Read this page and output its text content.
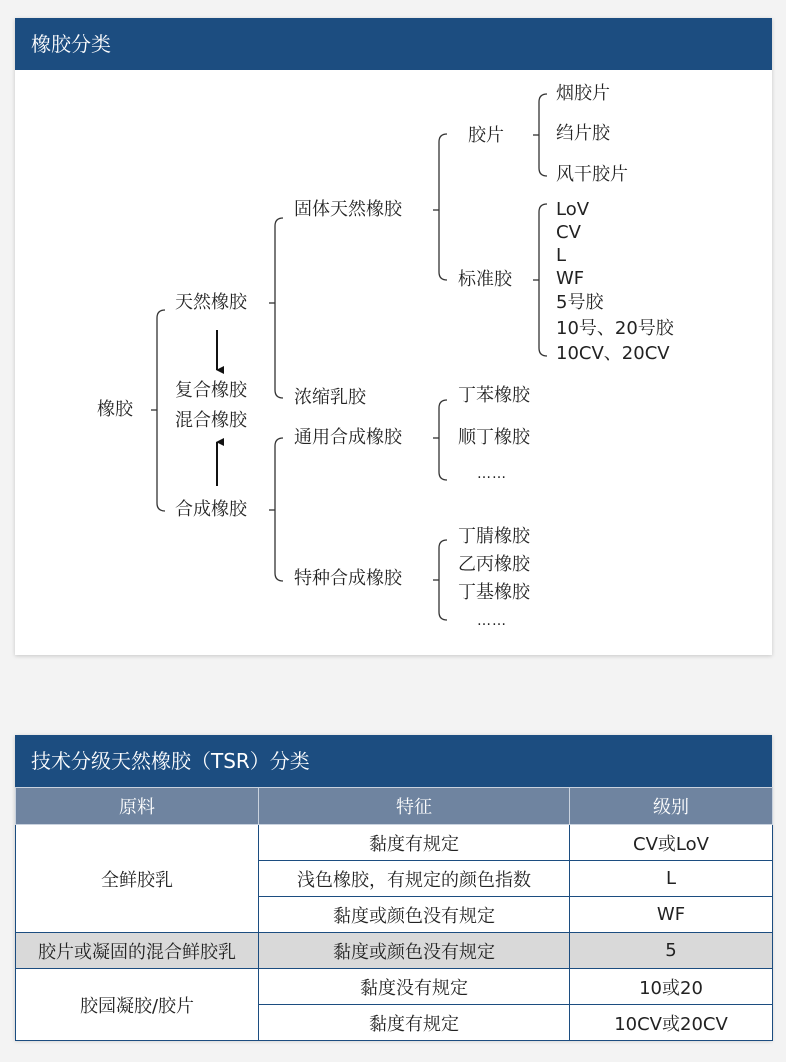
橡胶分类
橡胶
天然橡胶
复合橡胶
混合橡胶
合成橡胶
固体天然橡胶
浓缩乳胶
通用合成橡胶
特种合成橡胶
胶片
标准胶
烟胶片
绉片胶
风干胶片
LoV
CV
L
WF
5号胶
10号、20号胶
10CV、20CV
丁苯橡胶
顺丁橡胶
……
丁腈橡胶
乙丙橡胶
丁基橡胶
……
技术分级天然橡胶（TSR）分类
原料	特征	级别
全鲜胶乳	黏度有规定	CV或LoV
	浅色橡胶，有规定的颜色指数	L
	黏度或颜色没有规定	WF
胶片或凝固的混合鲜胶乳	黏度或颜色没有规定	5
胶园凝胶/胶片	黏度没有规定	10或20
	黏度有规定	10CV或20CV
